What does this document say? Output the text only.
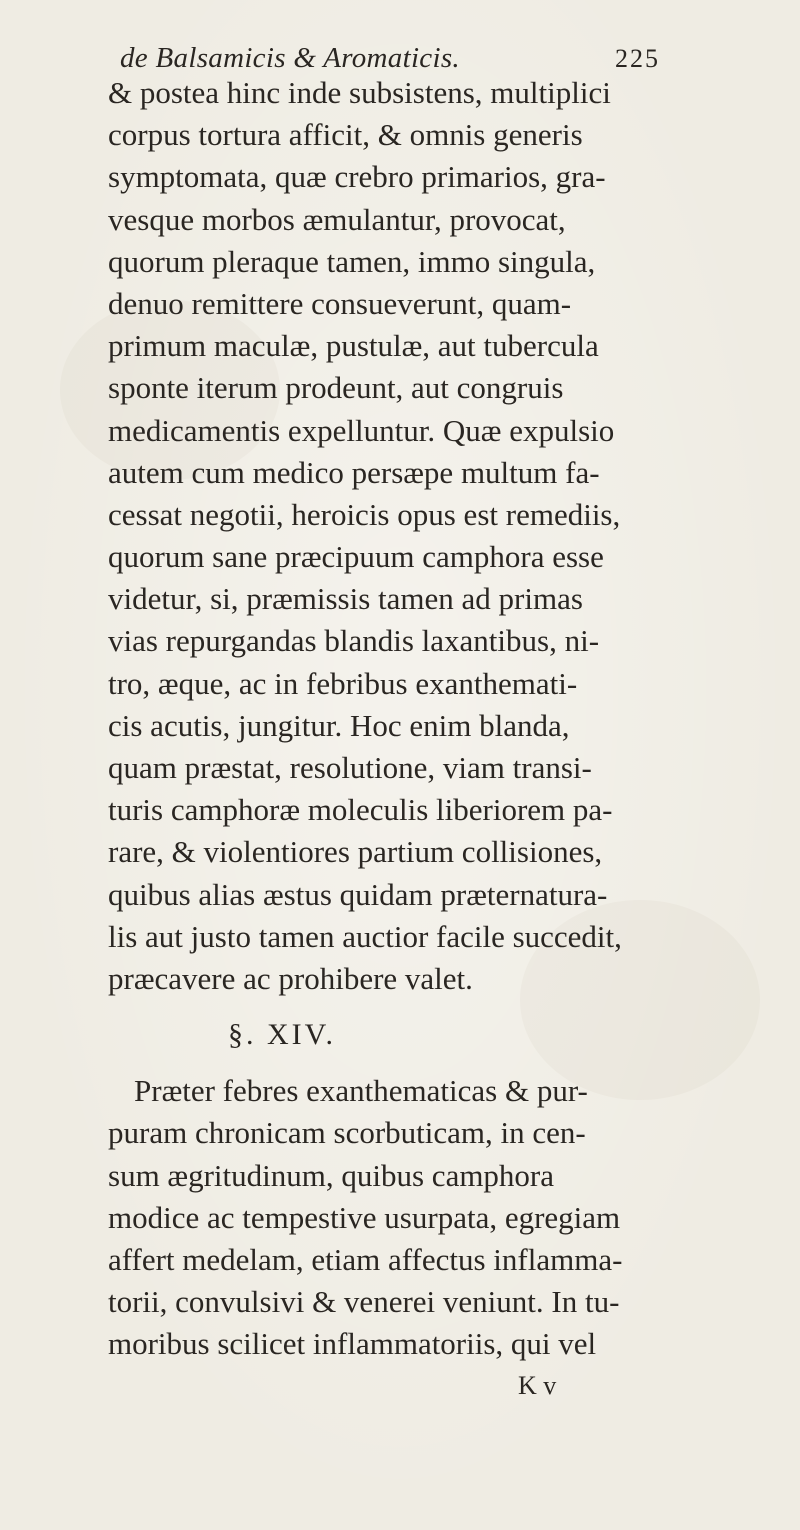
de Balsamicis & Aromaticis.	225
& postea hinc inde subsistens, multiplici
corpus tortura afficit, & omnis generis
symptomata, quæ crebro primarios, gra-
vesque morbos æmulantur, provocat,
quorum pleraque tamen, immo singula,
denuo remittere consueverunt, quam-
primum maculæ, pustulæ, aut tubercula
sponte iterum prodeunt, aut congruis
medicamentis expelluntur. Quæ expulsio
autem cum medico persæpe multum fa-
cessat negotii, heroicis opus est remediis,
quorum sane præcipuum camphora esse
videtur, si, præmissis tamen ad primas
vias repurgandas blandis laxantibus, ni-
tro, æque, ac in febribus exanthemati-
cis acutis, jungitur. Hoc enim blanda,
quam præstat, resolutione, viam transi-
turis camphoræ moleculis liberiorem pa-
rare, & violentiores partium collisiones,
quibus alias æstus quidam præternatura-
lis aut justo tamen auctior facile succedit,
præcavere ac prohibere valet.
§. XIV.
Præter febres exanthematicas & pur-
puram chronicam scorbuticam, in cen-
sum ægritudinum, quibus camphora
modice ac tempestive usurpata, egregiam
affert medelam, etiam affectus inflamma-
torii, convulsivi & venerei veniunt. In tu-
moribus scilicet inflammatoriis, qui vel
K v
